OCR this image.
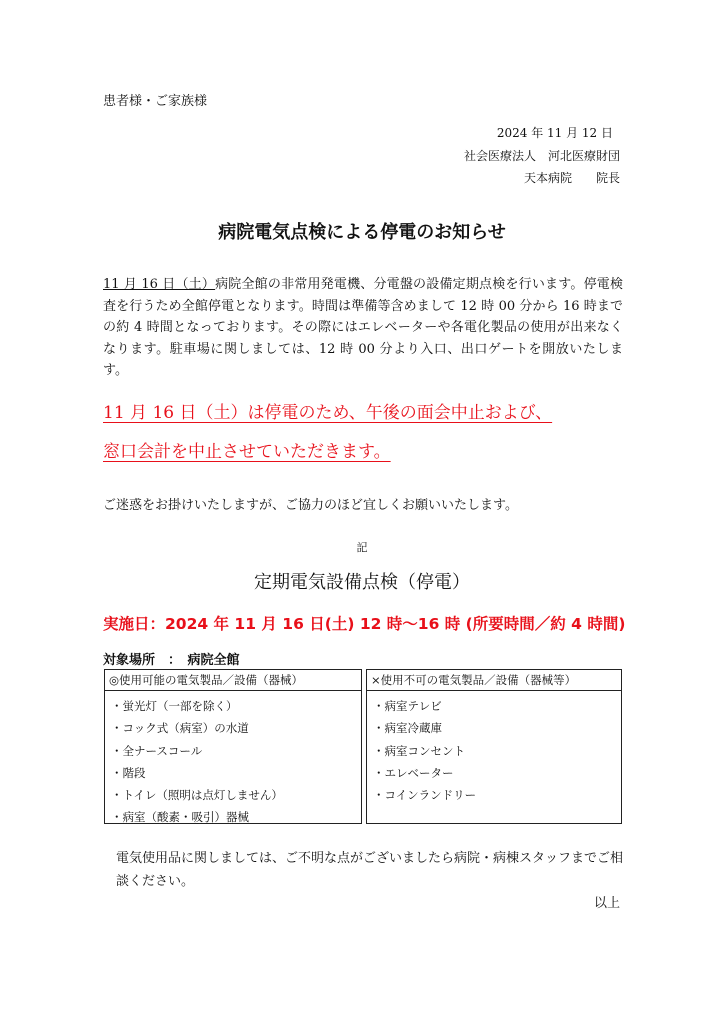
患者様・ご家族様
2024 年 11 月 12 日
社会医療法人　河北医療財団
天本病院　　院長
病院電気点検による停電のお知らせ
11 月 16 日（土）病院全館の非常用発電機、分電盤の設備定期点検を行います。停電検査を行うため全館停電となります。時間は準備等含めまして 12 時 00 分から 16 時までの約 4 時間となっております。その際にはエレベーターや各電化製品の使用が出来なくなります。駐車場に関しましては、12 時 00 分より入口、出口ゲートを開放いたします。
11 月 16 日（土）は停電のため、午後の面会中止および、
窓口会計を中止させていただきます。
ご迷惑をお掛けいたしますが、ご協力のほど宜しくお願いいたします。
記
定期電気設備点検（停電）
実施日：2024 年 11 月 16 日(土) 12 時〜16 時 (所要時間／約 4 時間)
対象場所　：　病院全館
◎使用可能の電気製品／設備（器械）
・蛍光灯（一部を除く）
・コック式（病室）の水道
・全ナースコール
・階段
・トイレ（照明は点灯しません）
・病室（酸素・吸引）器械
×使用不可の電気製品／設備（器械等）
・病室テレビ
・病室冷蔵庫
・病室コンセント
・エレベーター
・コインランドリー
電気使用品に関しましては、ご不明な点がございましたら病院・病棟スタッフまでご相談ください。
以上
